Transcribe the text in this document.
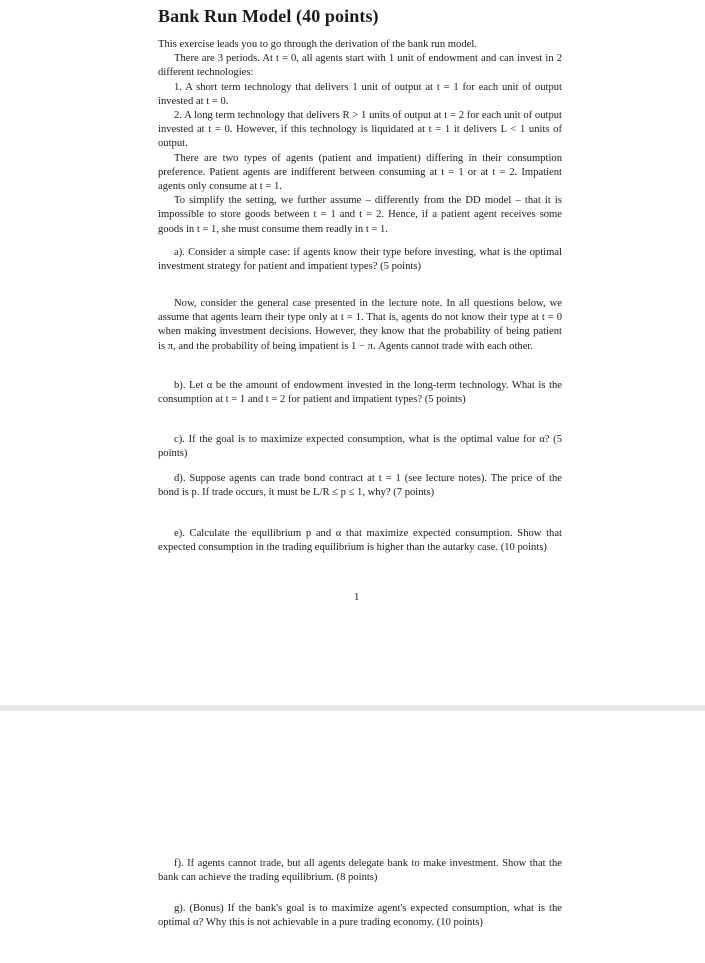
Bank Run Model (40 points)

This exercise leads you to go through the derivation of the bank run model.

There are 3 periods. At t = 0, all agents start with 1 unit of endowment and can invest in 2 different technologies:

1. A short term technology that delivers 1 unit of output at t = 1 for each unit of output invested at t = 0.

2. A long term technology that delivers R > 1 units of output at t = 2 for each unit of output invested at t = 0. However, if this technology is liquidated at t = 1 it delivers L < 1 units of output.

There are two types of agents (patient and impatient) differing in their consumption preference. Patient agents are indifferent between consuming at t = 1 or at t = 2. Impatient agents only consume at t = 1.

To simplify the setting, we further assume – differently from the DD model – that it is impossible to store goods between t = 1 and t = 2. Hence, if a patient agent receives some goods in t = 1, she must consume them readly in t = 1.

a). Consider a simple case: if agents know their type before investing, what is the optimal investment strategy for patient and impatient types? (5 points)

Now, consider the general case presented in the lecture note. In all questions below, we assume that agents learn their type only at t = 1. That is, agents do not know their type at t = 0 when making investment decisions. However, they know that the probability of being patient is π, and the probability of being impatient is 1 − π. Agents cannot trade with each other.

b). Let α be the amount of endowment invested in the long-term technology. What is the consumption at t = 1 and t = 2 for patient and impatient types? (5 points)

c). If the goal is to maximize expected consumption, what is the optimal value for α? (5 points)

d). Suppose agents can trade bond contract at t = 1 (see lecture notes). The price of the bond is p. If trade occurs, it must be L/R ≤ p ≤ 1, why? (7 points)

e). Calculate the equilibrium p and α that maximize expected consumption. Show that expected consumption in the trading equilibrium is higher than the autarky case. (10 points)

1

f). If agents cannot trade, but all agents delegate bank to make investment. Show that the bank can achieve the trading equilibrium. (8 points)

g). (Bonus) If the bank's goal is to maximize agent's expected consumption, what is the optimal α? Why this is not achievable in a pure trading economy. (10 points)
